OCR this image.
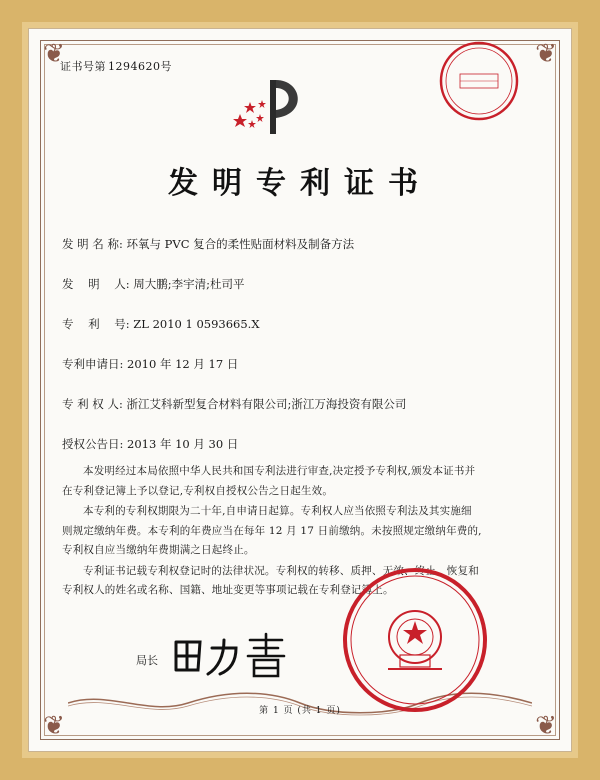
❦	❦
❦	❦
证书号第 1294620号
发明专利证书
发 明 名 称: 环氧与 PVC 复合的柔性贴面材料及制备方法
发    明    人: 周大鹏;李宇清;杜司平
专    利    号: ZL 2010 1 0593665.X
专利申请日: 2010 年 12 月 17 日
专 利 权 人: 浙江艾科新型复合材料有限公司;浙江万海投资有限公司
授权公告日: 2013 年 10 月 30 日

本发明经过本局依照中华人民共和国专利法进行审查,决定授予专利权,颁发本证书并在专利登记簿上予以登记,专利权自授权公告之日起生效。

本专利的专利权期限为二十年,自申请日起算。专利权人应当依照专利法及其实施细则规定缴纳年费。本专利的年费应当在每年 12 月 17 日前缴纳。未按照规定缴纳年费的,专利权自应当缴纳年费期满之日起终止。

专利证书记载专利权登记时的法律状况。专利权的转移、质押、无效、终止、恢复和专利权人的姓名或名称、国籍、地址变更等事项记载在专利登记簿上。

局长
第 1 页 (共 1 页)
